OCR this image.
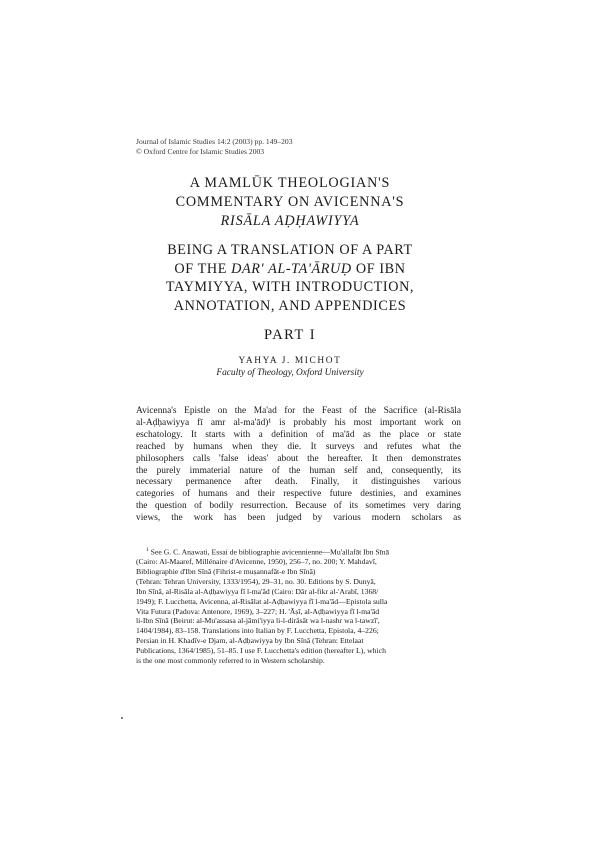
Journal of Islamic Studies 14:2 (2003) pp. 149–203
© Oxford Centre for Islamic Studies 2003
A MAMLŪK THEOLOGIAN'S
COMMENTARY ON AVICENNA'S
RISĀLA AḌḤAWIYYA
BEING A TRANSLATION OF A PART
OF THE DAR' AL-TA'ĀRUḌ OF IBN
TAYMIYYA, WITH INTRODUCTION,
ANNOTATION, AND APPENDICES
PART I
YAHYA J. MICHOT
Faculty of Theology, Oxford University
Avicenna's Epistle on the Ma'ad for the Feast of the Sacrifice (al-Risāla
al-Aḍḥawiyya fī amr al-ma'ād)¹ is probably his most important work on
eschatology. It starts with a definition of ma'ād as the place or state
reached by humans when they die. It surveys and refutes what the
philosophers calls 'false ideas' about the hereafter. It then demonstrates
the purely immaterial nature of the human self and, consequently, its
necessary permanence after death. Finally, it distinguishes various
categories of humans and their respective future destinies, and examines
the question of bodily resurrection. Because of its sometimes very daring
views, the work has been judged by various modern scholars as
$^1$ See G. C. Anawati, Essai de bibliographie avicennienne—Mu'allafāt Ibn Sīnā
(Cairo: Al-Maaref, Millénaire d'Avicenne, 1950), 256–7, no. 200; Y. Mahdavī,
Bibliographie d'Ibn Sīnā (Fihrist-e muṣannafāt-e Ibn Sīnā)
(Tehran: Tehran University, 1333/1954), 29–31, no. 30. Editions by S. Dunyā,
Ibn Sīnā, al-Risāla al-Aḍḥawiyya fī l-ma'ād (Cairo: Dār al-fikr al-'Arabī, 1368/
1949); F. Lucchetta, Avicenna, al-Risālat al-Aḍḥawiyya fī l-ma'ād—Epistola sulla
Vita Futura (Padova: Antenore, 1969), 3–227; H. 'Āṣī, al-Aḍḥawiyya fī l-ma'ād
li-Ibn Sīnā (Beirut: al-Mu'assasa al-jāmi'iyya li-l-dirāsāt wa l-nashr wa l-tawzī',
1404/1984), 83–158. Translations into Italian by F. Lucchetta, Epistola, 4–226;
Persian in H. Khadīv-e Djam, al-Aḍḥawiyya by Ibn Sīnā (Tehran: Ettelaat
Publications, 1364/1985), 51–85. I use F. Lucchetta's edition (hereafter L), which
is the one most commonly referred to in Western scholarship.
